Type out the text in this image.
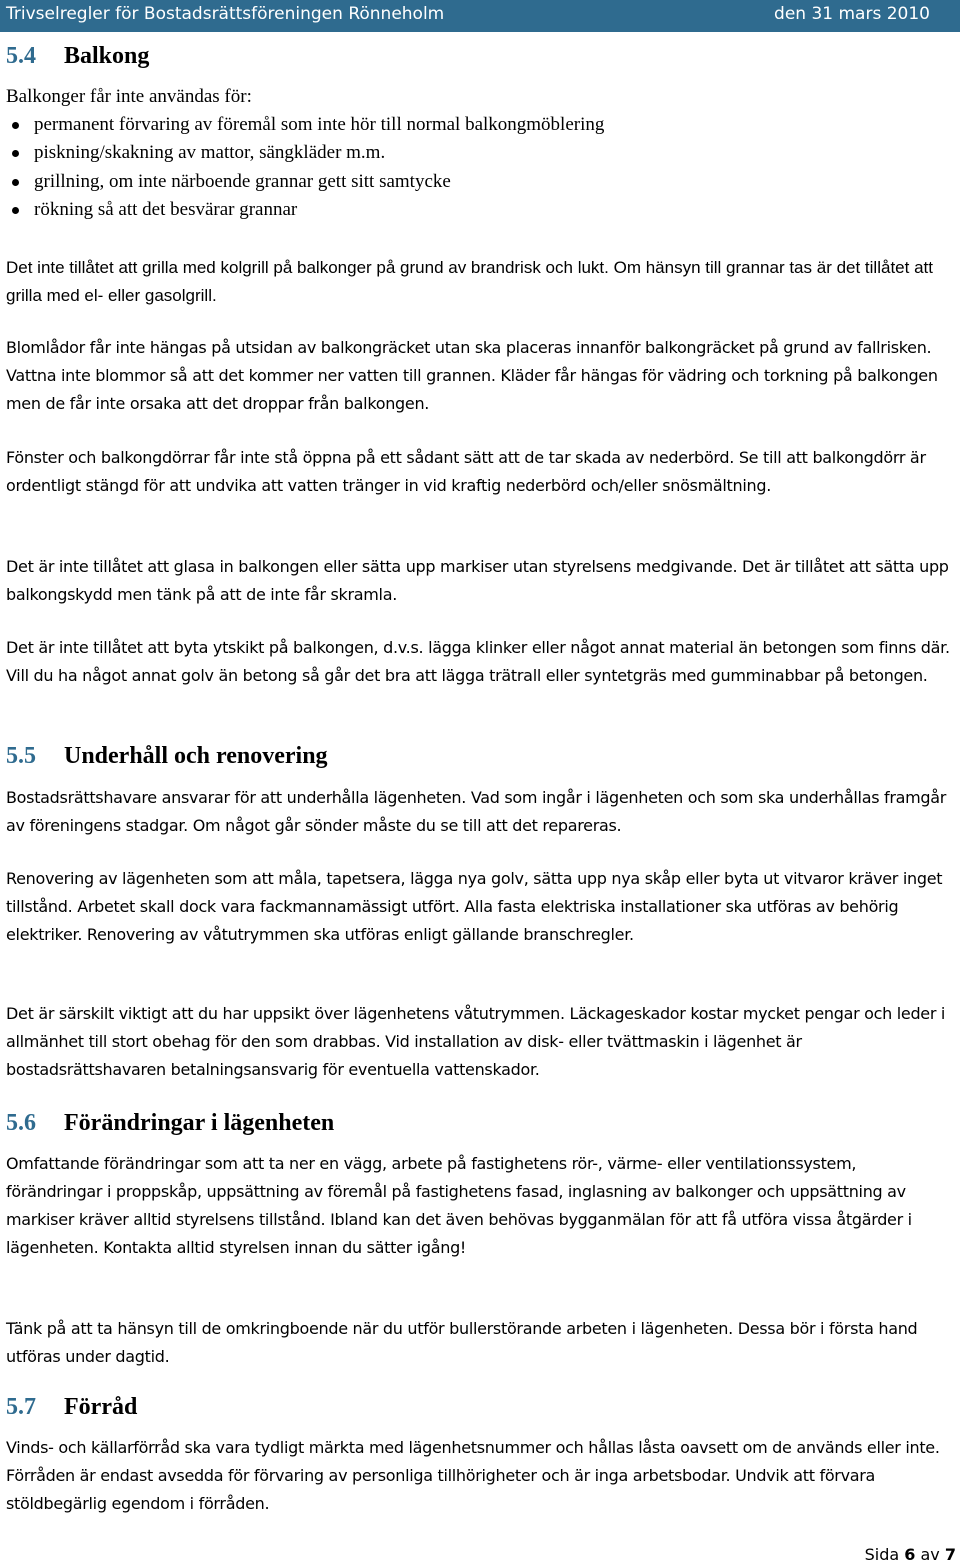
Trivselregler för Bostadsrättsföreningen Rönneholm	den 31 mars 2010
5.4 Balkong
Balkonger får inte användas för:
permanent förvaring av föremål som inte hör till normal balkongmöblering
piskning/skakning av mattor, sängkläder m.m.
grillning, om inte närboende grannar gett sitt samtycke
rökning så att det besvärar grannar
Det inte tillåtet att grilla med kolgrill på balkonger på grund av brandrisk och lukt. Om hänsyn till grannar tas är det tillåtet att grilla med el- eller gasolgrill.
Blomlådor får inte hängas på utsidan av balkongräcket utan ska placeras innanför balkongräcket på grund av fallrisken. Vattna inte blommor så att det kommer ner vatten till grannen. Kläder får hängas för vädring och torkning på balkongen men de får inte orsaka att det droppar från balkongen.
Fönster och balkongdörrar får inte stå öppna på ett sådant sätt att de tar skada av nederbörd. Se till att balkongdörr är ordentligt stängd för att undvika att vatten tränger in vid kraftig nederbörd och/eller snösmältning.
Det är inte tillåtet att glasa in balkongen eller sätta upp markiser utan styrelsens medgivande. Det är tillåtet att sätta upp balkongskydd men tänk på att de inte får skramla.
Det är inte tillåtet att byta ytskikt på balkongen, d.v.s. lägga klinker eller något annat material än betongen som finns där. Vill du ha något annat golv än betong så går det bra att lägga trätrall eller syntetgräs med gumminabbar på betongen.
5.5 Underhåll och renovering
Bostadsrättshavare ansvarar för att underhålla lägenheten. Vad som ingår i lägenheten och som ska underhållas framgår av föreningens stadgar. Om något går sönder måste du se till att det repareras.
Renovering av lägenheten som att måla, tapetsera, lägga nya golv, sätta upp nya skåp eller byta ut vitvaror kräver inget tillstånd. Arbetet skall dock vara fackmannamässigt utfört. Alla fasta elektriska installationer ska utföras av behörig elektriker. Renovering av våtutrymmen ska utföras enligt gällande branschregler.
Det är särskilt viktigt att du har uppsikt över lägenhetens våtutrymmen. Läckageskador kostar mycket pengar och leder i allmänhet till stort obehag för den som drabbas. Vid installation av disk- eller tvättmaskin i lägenhet är bostadsrättshavaren betalningsansvarig för eventuella vattenskador.
5.6 Förändringar i lägenheten
Omfattande förändringar som att ta ner en vägg, arbete på fastighetens rör-, värme- eller ventilationssystem, förändringar i proppskåp, uppsättning av föremål på fastighetens fasad, inglasning av balkonger och uppsättning av markiser kräver alltid styrelsens tillstånd. Ibland kan det även behövas bygganmälan för att få utföra vissa åtgärder i lägenheten. Kontakta alltid styrelsen innan du sätter igång!
Tänk på att ta hänsyn till de omkringboende när du utför bullerstörande arbeten i lägenheten. Dessa bör i första hand utföras under dagtid.
5.7 Förråd
Vinds- och källarförråd ska vara tydligt märkta med lägenhetsnummer och hållas låsta oavsett om de används eller inte. Förråden är endast avsedda för förvaring av personliga tillhörigheter och är inga arbetsbodar. Undvik att förvara stöldbegärlig egendom i förråden.
Sida 6 av 7
